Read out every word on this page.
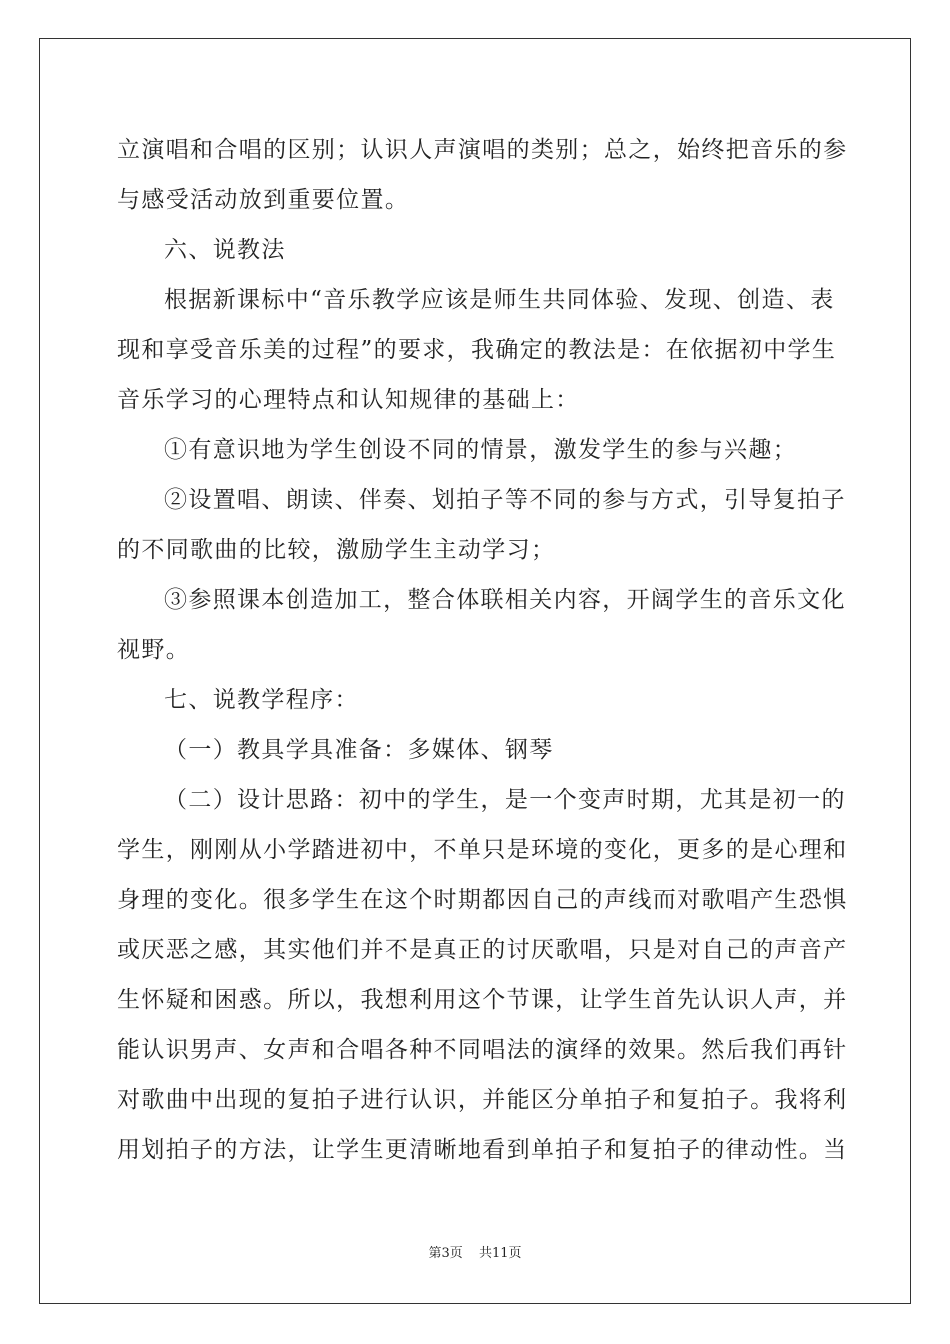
立演唱和合唱的区别；认识人声演唱的类别；总之，始终把音乐的参
与感受活动放到重要位置。
六、说教法
根据新课标中“音乐教学应该是师生共同体验、发现、创造、表
现和享受音乐美的过程”的要求，我确定的教法是：在依据初中学生
音乐学习的心理特点和认知规律的基础上：
①有意识地为学生创设不同的情景，激发学生的参与兴趣；
②设置唱、朗读、伴奏、划拍子等不同的参与方式，引导复拍子
的不同歌曲的比较，激励学生主动学习；
③参照课本创造加工，整合体联相关内容，开阔学生的音乐文化
视野。
七、说教学程序：
（一）教具学具准备：多媒体、钢琴
（二）设计思路：初中的学生，是一个变声时期，尤其是初一的
学生，刚刚从小学踏进初中，不单只是环境的变化，更多的是心理和
身理的变化。很多学生在这个时期都因自己的声线而对歌唱产生恐惧
或厌恶之感，其实他们并不是真正的讨厌歌唱，只是对自己的声音产
生怀疑和困惑。所以，我想利用这个节课，让学生首先认识人声，并
能认识男声、女声和合唱各种不同唱法的演绎的效果。然后我们再针
对歌曲中出现的复拍子进行认识，并能区分单拍子和复拍子。我将利
用划拍子的方法，让学生更清晰地看到单拍子和复拍子的律动性。当
第3页 共11页
